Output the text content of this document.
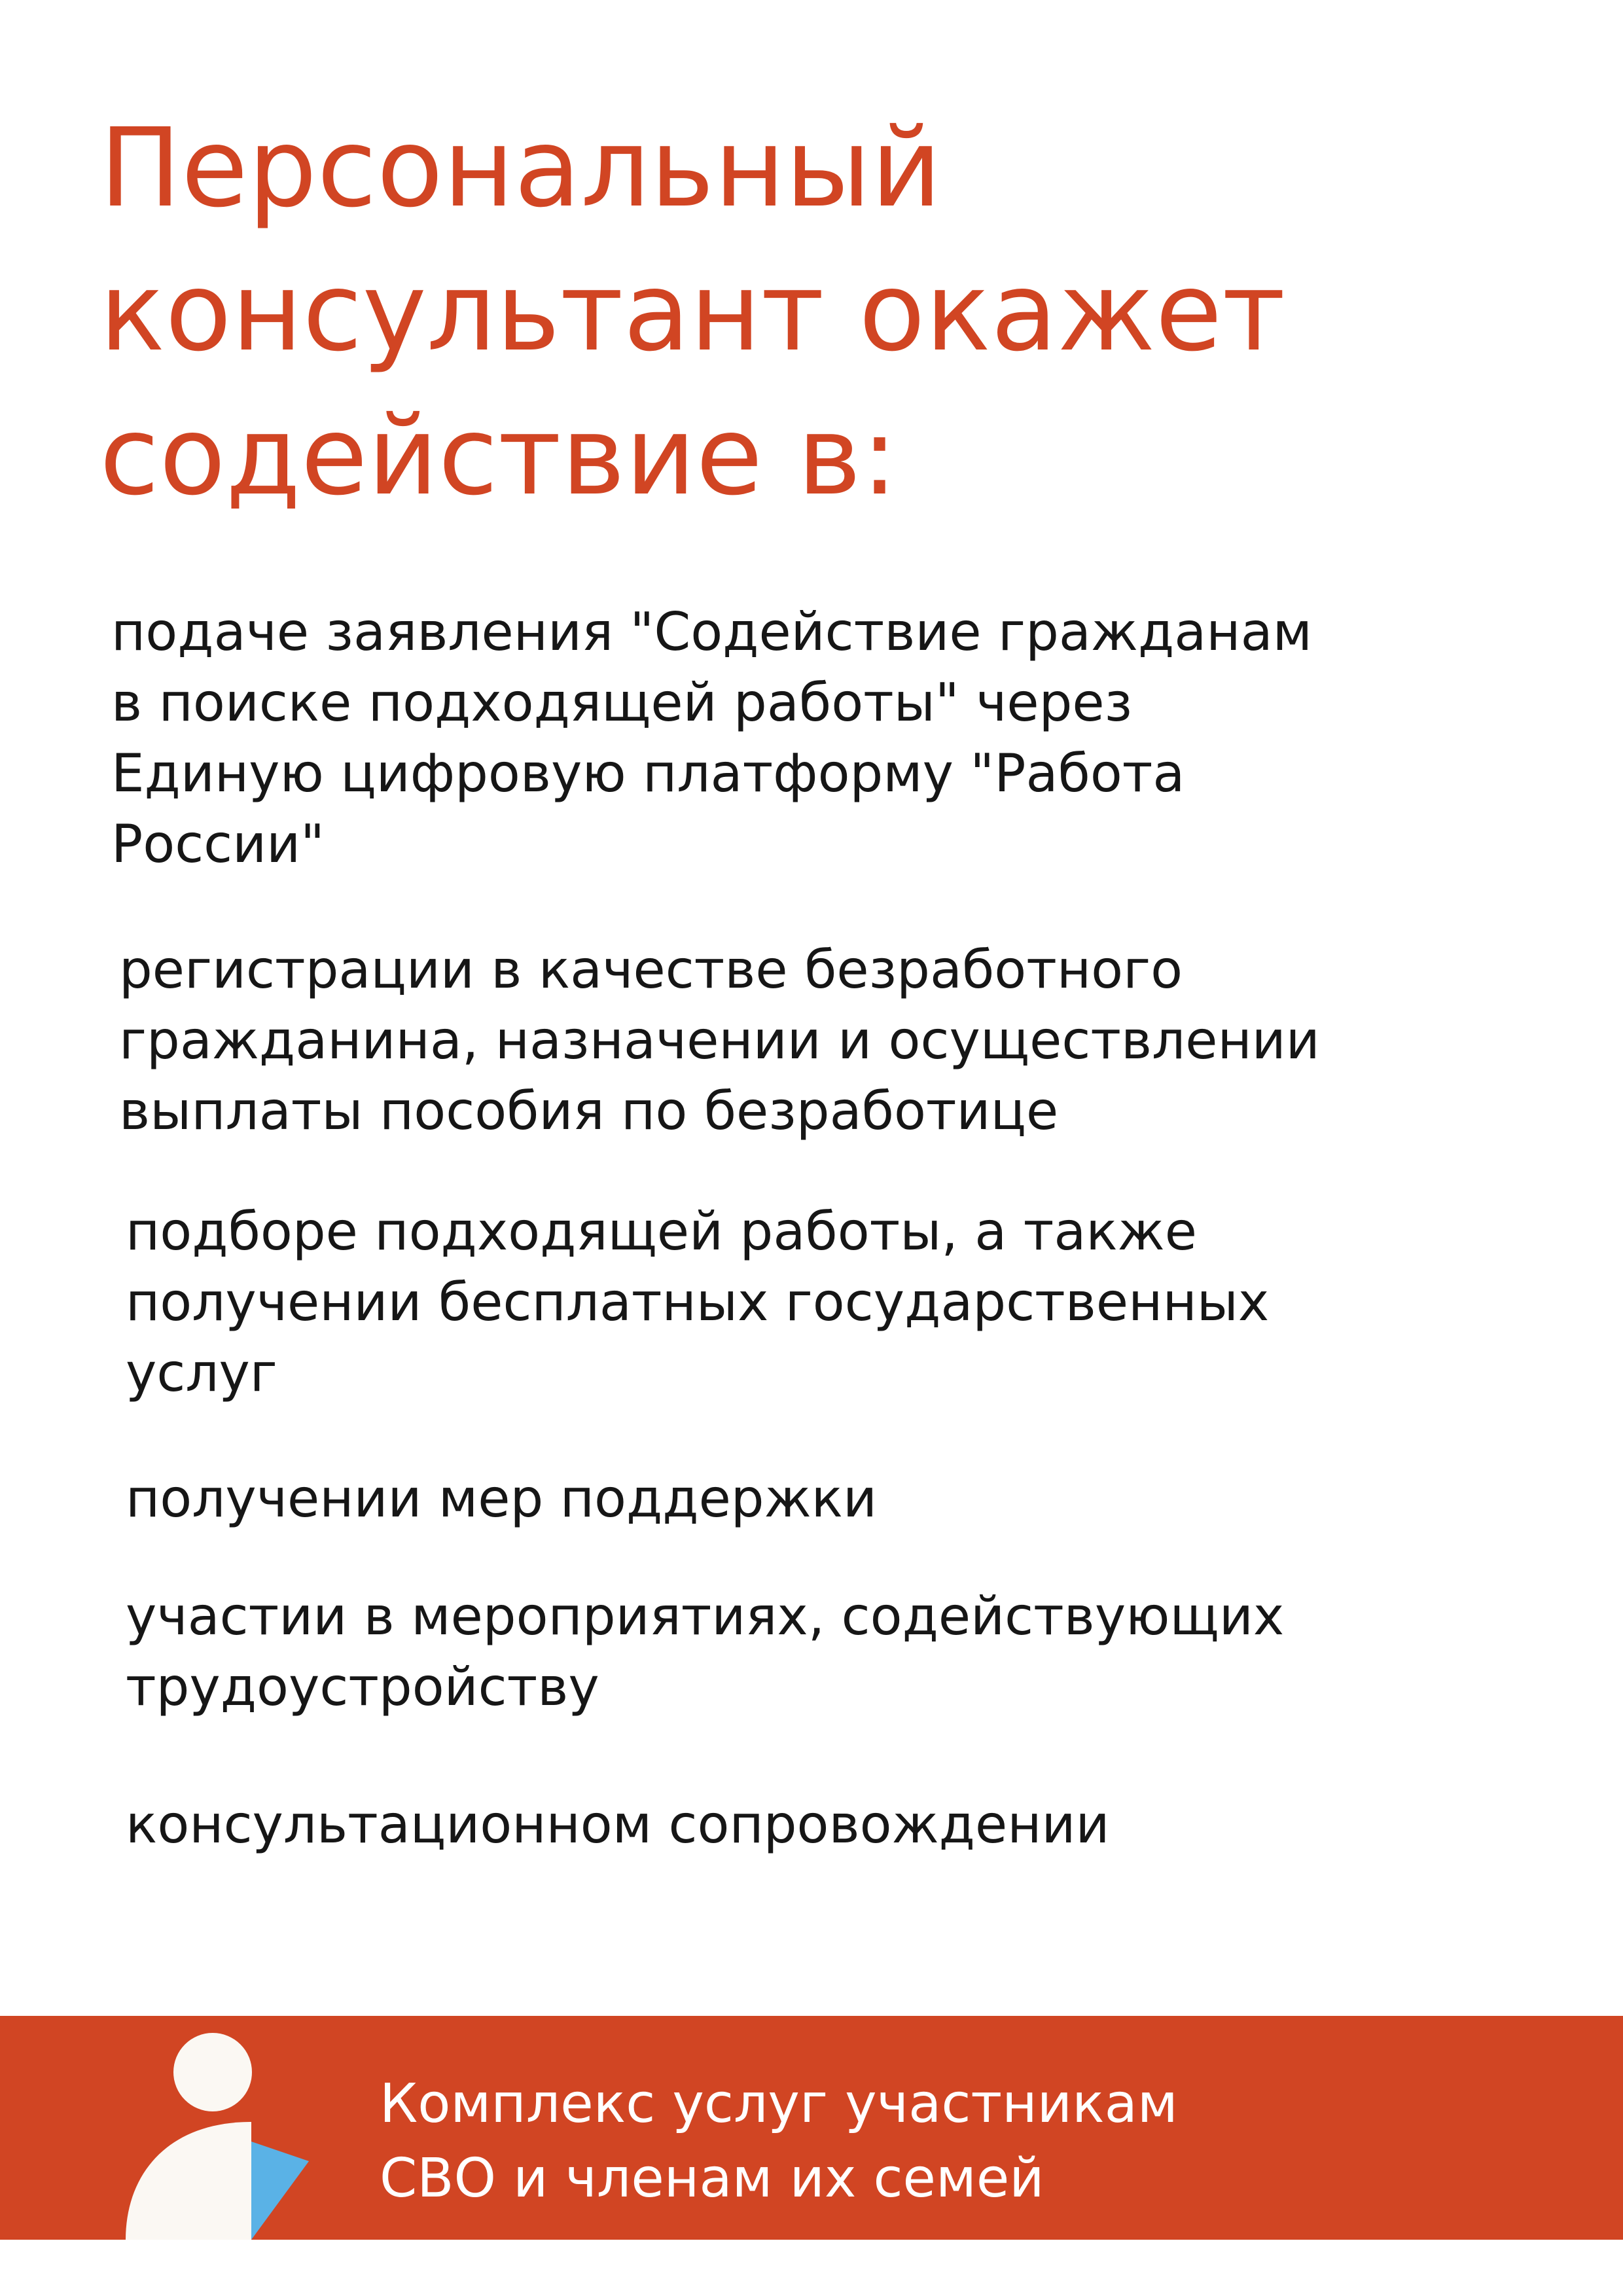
Персональный
консультант окажет
содействие в:
подаче заявления "Содействие гражданам
в поиске подходящей работы" через
Единую цифровую платформу "Работа
России"
регистрации в качестве безработного
гражданина, назначении и осуществлении
выплаты пособия по безработице
подборе подходящей работы, а также
получении бесплатных государственных
услуг
получении мер поддержки
участии в мероприятиях, содействующих
трудоустройству
консультационном сопровождении
Комплекс услуг участникам
СВО и членам их семей
